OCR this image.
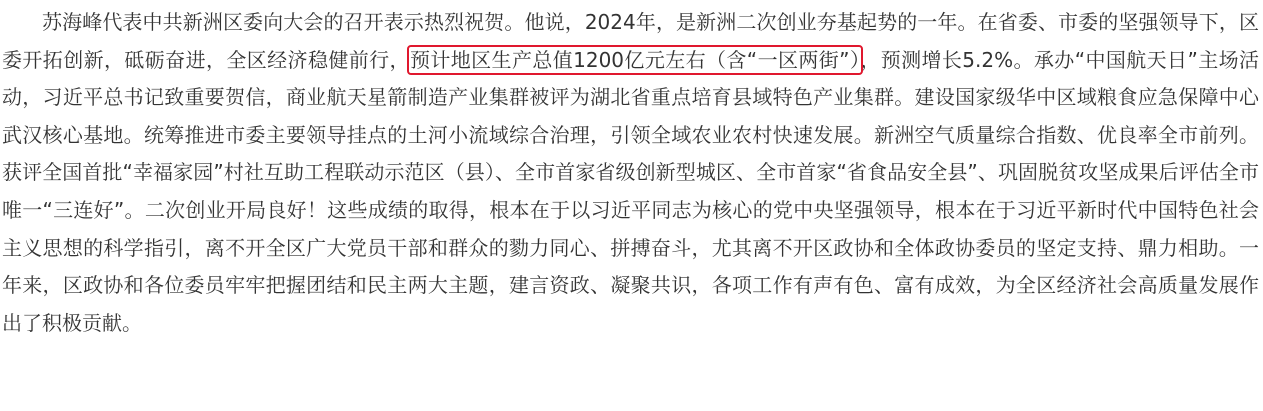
苏海峰代表中共新洲区委向大会的召开表示热烈祝贺。他说，2024年，是新洲二次创业夯基起势的一年。在省委、市委的坚强领导下，区委开拓创新，砥砺奋进，全区经济稳健前行，预计地区生产总值1200亿元左右（含“一区两街”），预测增长5.2%。承办“中国航天日”主场活动，习近平总书记致重要贺信，商业航天星箭制造产业集群被评为湖北省重点培育县域特色产业集群。建设国家级华中区域粮食应急保障中心武汉核心基地。统筹推进市委主要领导挂点的土河小流域综合治理，引领全域农业农村快速发展。新洲空气质量综合指数、优良率全市前列。获评全国首批“幸福家园”村社互助工程联动示范区（县）、全市首家省级创新型城区、全市首家“省食品安全县”、巩固脱贫攻坚成果后评估全市唯一“三连好”。二次创业开局良好！这些成绩的取得，根本在于以习近平同志为核心的党中央坚强领导，根本在于习近平新时代中国特色社会主义思想的科学指引，离不开全区广大党员干部和群众的勠力同心、拼搏奋斗，尤其离不开区政协和全体政协委员的坚定支持、鼎力相助。一年来，区政协和各位委员牢牢把握团结和民主两大主题，建言资政、凝聚共识，各项工作有声有色、富有成效，为全区经济社会高质量发展作出了积极贡献。
